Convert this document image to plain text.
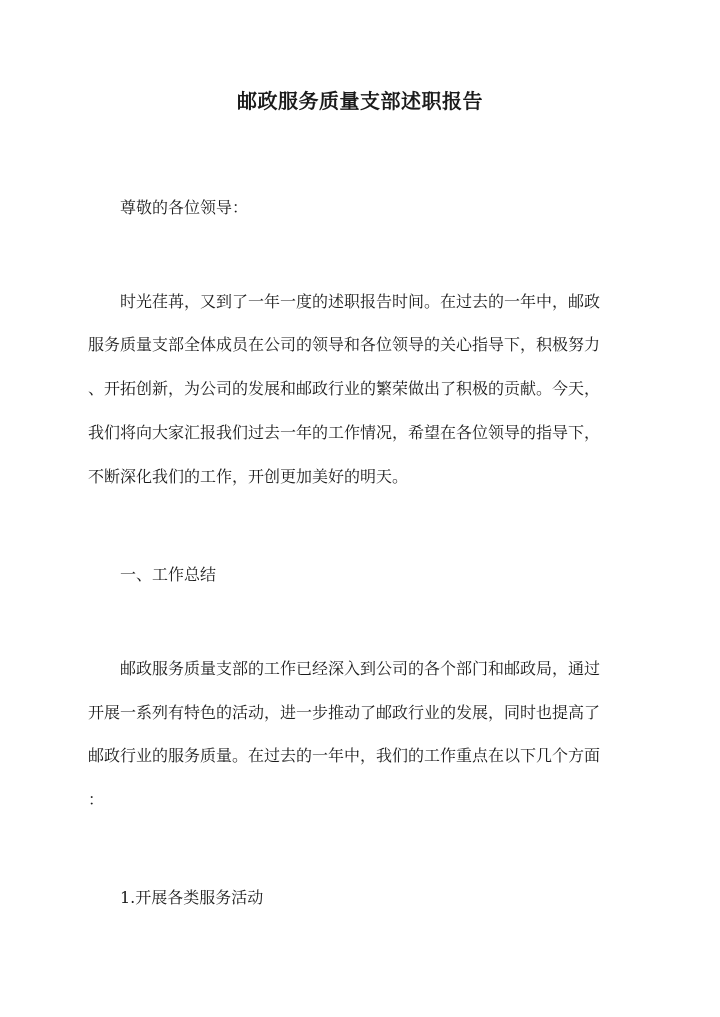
邮政服务质量支部述职报告
尊敬的各位领导：
时光荏苒，又到了一年一度的述职报告时间。在过去的一年中，邮政
服务质量支部全体成员在公司的领导和各位领导的关心指导下，积极努力
、开拓创新，为公司的发展和邮政行业的繁荣做出了积极的贡献。今天，
我们将向大家汇报我们过去一年的工作情况，希望在各位领导的指导下，
不断深化我们的工作，开创更加美好的明天。
一、工作总结
邮政服务质量支部的工作已经深入到公司的各个部门和邮政局，通过
开展一系列有特色的活动，进一步推动了邮政行业的发展，同时也提高了
邮政行业的服务质量。在过去的一年中，我们的工作重点在以下几个方面
：
1.开展各类服务活动
